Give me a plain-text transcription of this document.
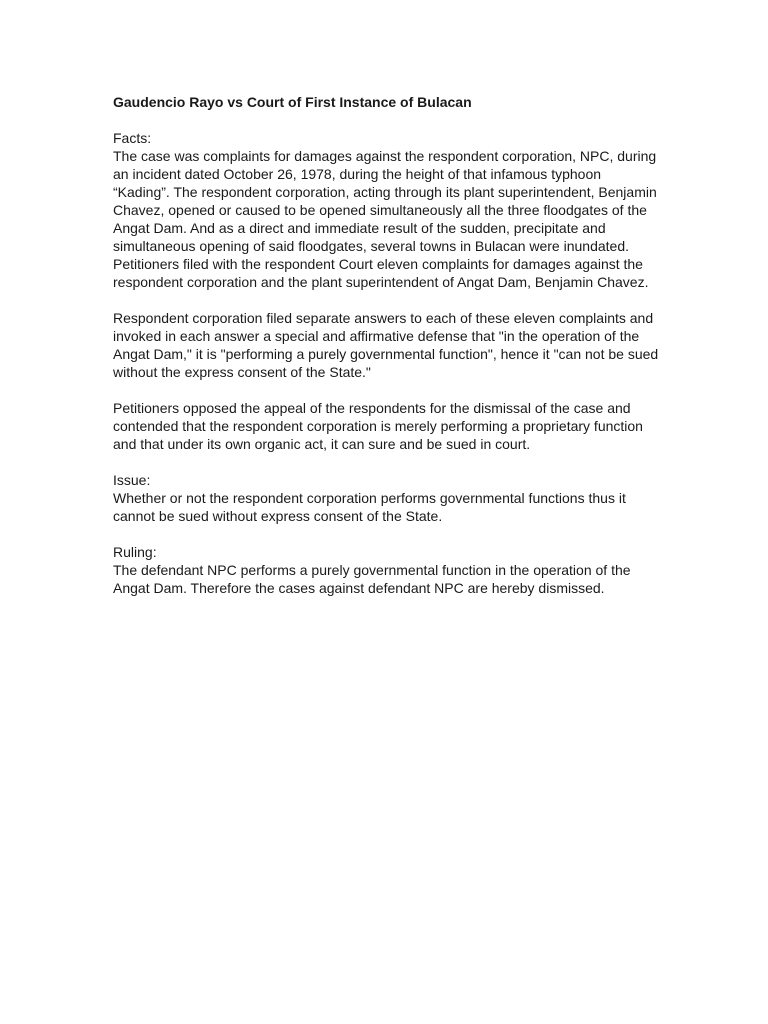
Gaudencio Rayo vs Court of First Instance of Bulacan
Facts:

The case was complaints for damages against the respondent corporation, NPC, during an incident dated October 26, 1978, during the height of that infamous typhoon “Kading”. The respondent corporation, acting through its plant superintendent, Benjamin Chavez, opened or caused to be opened simultaneously all the three floodgates of the Angat Dam. And as a direct and immediate result of the sudden, precipitate and simultaneous opening of said floodgates, several towns in Bulacan were inundated. Petitioners filed with the respondent Court eleven complaints for damages against the respondent corporation and the plant superintendent of Angat Dam, Benjamin Chavez.

Respondent corporation filed separate answers to each of these eleven complaints and invoked in each answer a special and affirmative defense that "in the operation of the Angat Dam," it is "performing a purely governmental function", hence it "can not be sued without the express consent of the State."

Petitioners opposed the appeal of the respondents for the dismissal of the case and contended that the respondent corporation is merely performing a proprietary function and that under its own organic act, it can sure and be sued in court.

Issue:

Whether or not the respondent corporation performs governmental functions thus it cannot be sued without express consent of the State.

Ruling:

The defendant NPC performs a purely governmental function in the operation of the Angat Dam. Therefore the cases against defendant NPC are hereby dismissed.
